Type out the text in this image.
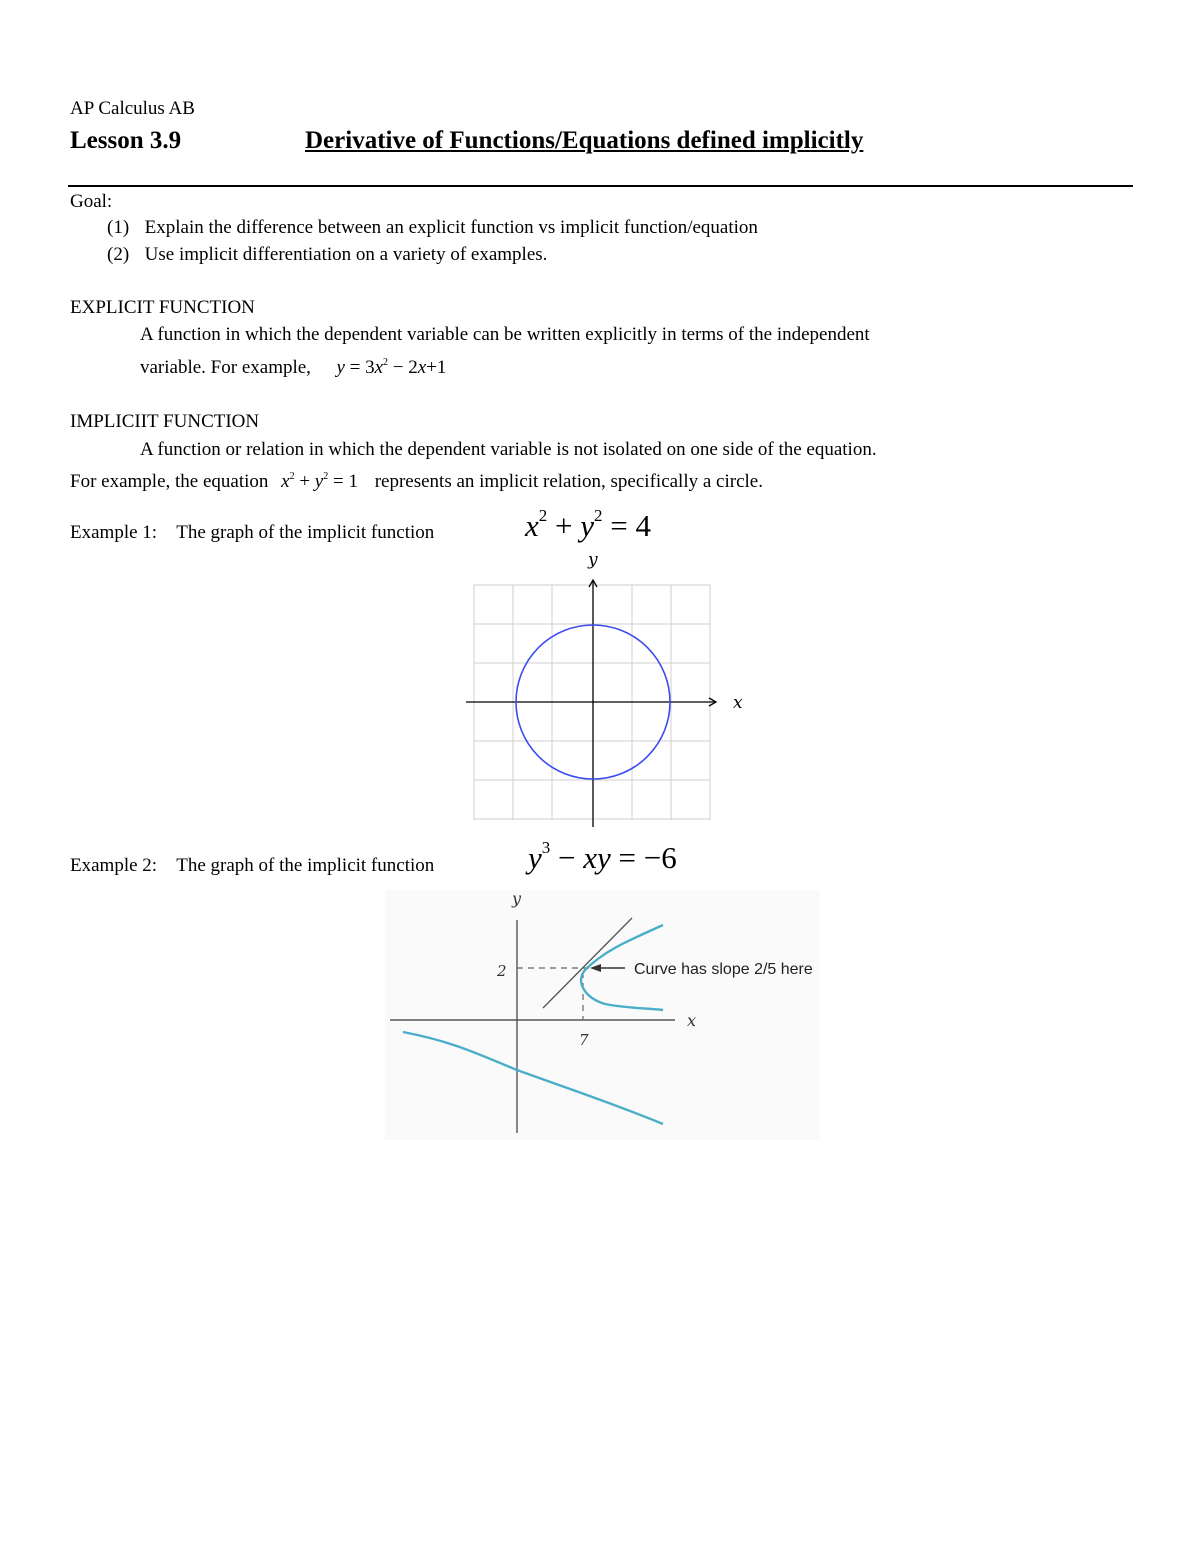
AP Calculus AB
Lesson 3.9	Derivative of Functions/Equations defined implicitly
Goal:
(1) Explain the difference between an explicit function vs implicit function/equation
(2) Use implicit differentiation on a variety of examples.
EXPLICIT FUNCTION
A function in which the dependent variable can be written explicitly in terms of the independent
variable. For example, $y = 3x^2 - 2x+1$
IMPLICIIT FUNCTION
A function or relation in which the dependent variable is not isolated on one side of the equation.
For example, the equation $x^2 + y^2 = 1$ represents an implicit relation, specifically a circle.
Example 1: The graph of the implicit function	$x^2 + y^2 = 4$
x
y
Example 2: The graph of the implicit function	$y^3$ − xy = −6
Curve has slope 2/5 here
2
7
x
y
